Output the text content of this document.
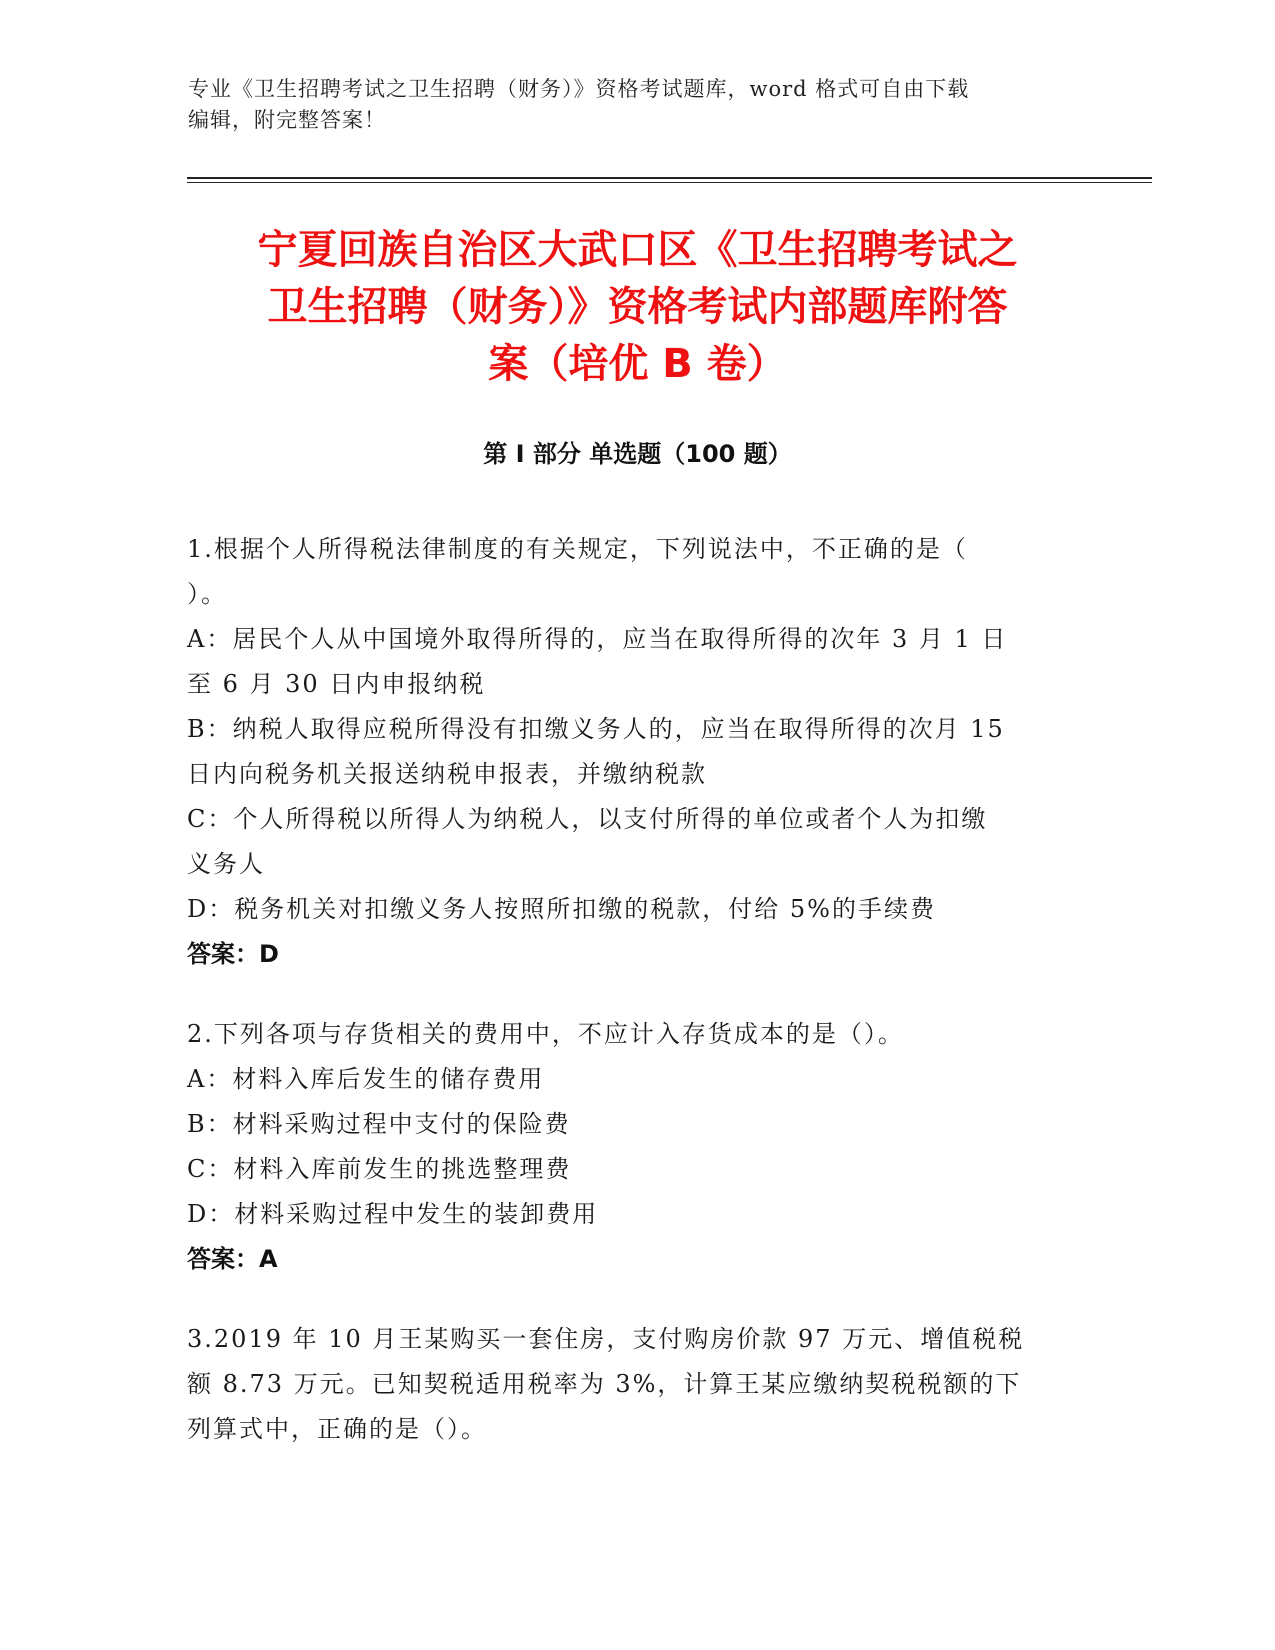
专业《卫生招聘考试之卫生招聘（财务）》资格考试题库，word 格式可自由下载
编辑，附完整答案！
宁夏回族自治区大武口区《卫生招聘考试之
卫生招聘（财务）》资格考试内部题库附答
案（培优 B 卷）
第 I 部分 单选题（100 题）
1.根据个人所得税法律制度的有关规定，下列说法中，不正确的是（
）。
A：居民个人从中国境外取得所得的，应当在取得所得的次年 3 月 1 日
至 6 月 30 日内申报纳税
B：纳税人取得应税所得没有扣缴义务人的，应当在取得所得的次月 15
日内向税务机关报送纳税申报表，并缴纳税款
C：个人所得税以所得人为纳税人，以支付所得的单位或者个人为扣缴
义务人
D：税务机关对扣缴义务人按照所扣缴的税款，付给 5%的手续费
答案：D
2.下列各项与存货相关的费用中，不应计入存货成本的是（）。
A：材料入库后发生的储存费用
B：材料采购过程中支付的保险费
C：材料入库前发生的挑选整理费
D：材料采购过程中发生的装卸费用
答案：A
3.2019 年 10 月王某购买一套住房，支付购房价款 97 万元、增值税税
额 8.73 万元。已知契税适用税率为 3%，计算王某应缴纳契税税额的下
列算式中，正确的是（）。
